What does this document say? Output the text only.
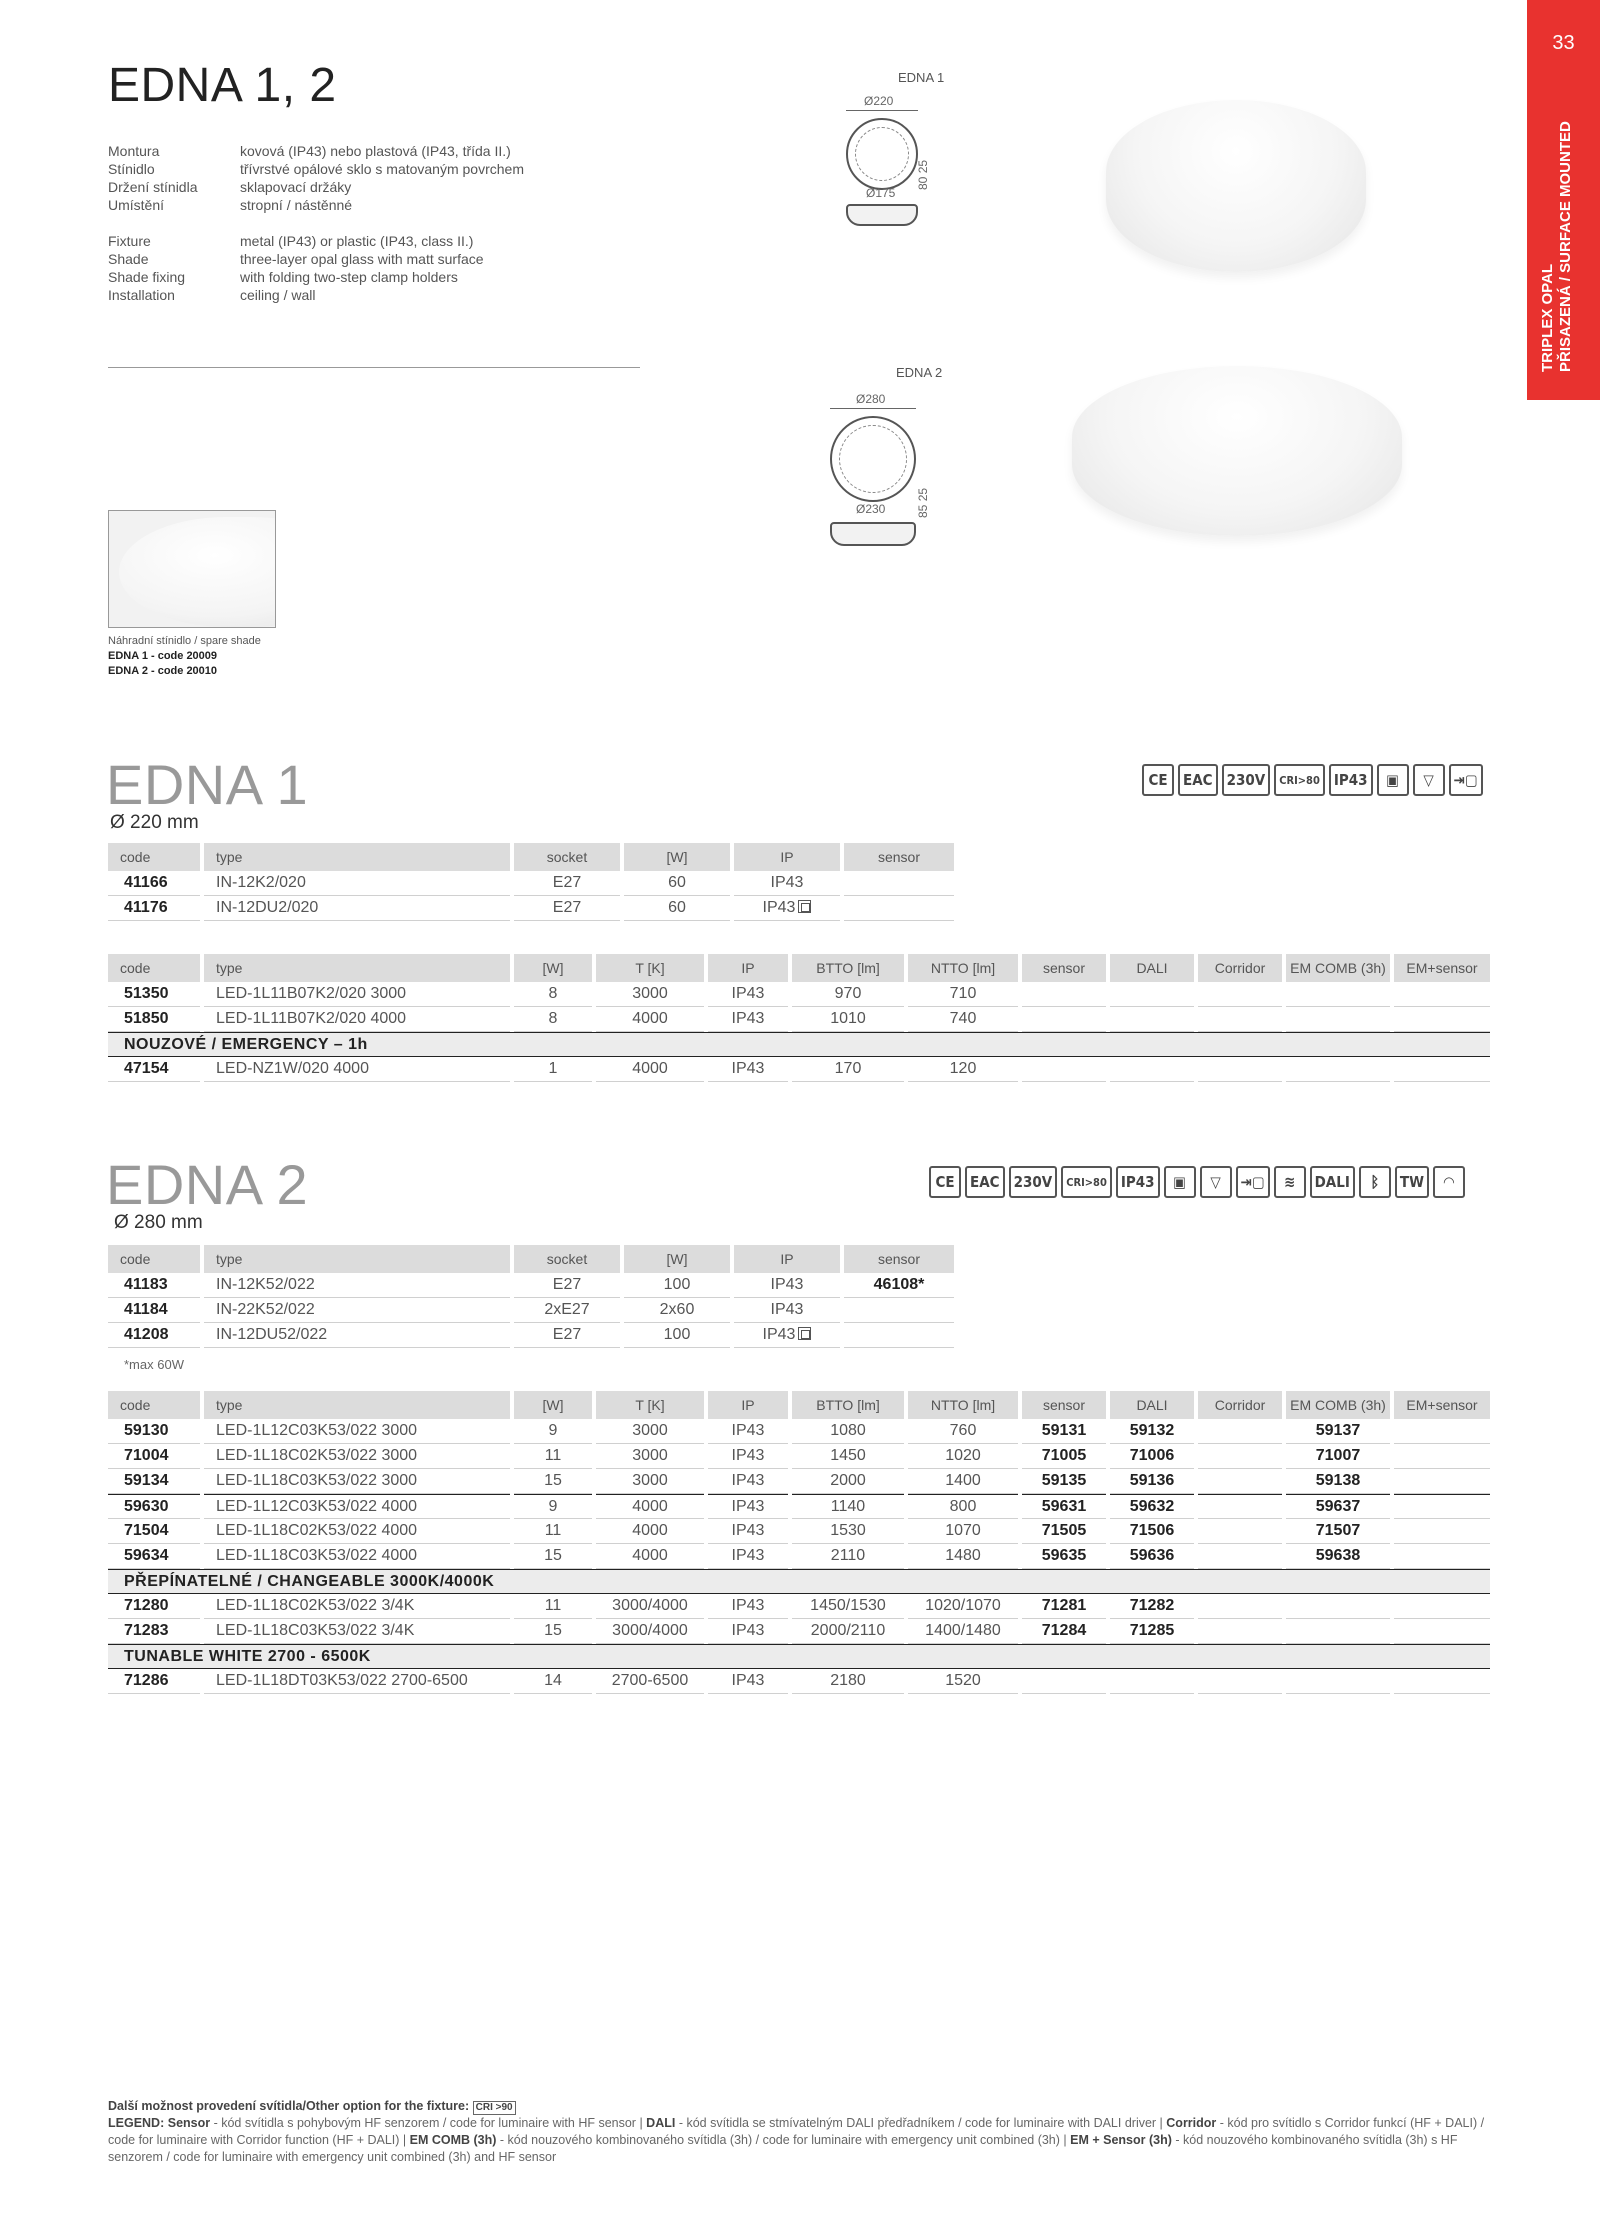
33
TRIPLEX OPAL PŘISAZENÁ / SURFACE MOUNTED
EDNA 1, 2
Montura	kovová (IP43) nebo plastová (IP43, třída II.)
Stínidlo	třívrstvé opálové sklo s matovaným povrchem
Držení stínidla	sklapovací držáky
Umístění	stropní / nástěnné
Fixture	metal (IP43) or plastic (IP43, class II.)
Shade	three-layer opal glass with matt surface
Shade fixing	with folding two-step clamp holders
Installation	ceiling / wall
EDNA 1
Ø220
Ø175
80 25
EDNA 2
Ø280
Ø230	85 25
Náhradní stínidlo / spare shade
EDNA 1 - code 20009
EDNA 2 - code 20010
EDNA 1
Ø 220 mm
CE	EAC 230V	CRI>80 IP43	▣	▽	⇥▢
code	type	socket	[W]	IP	sensor
41166	IN-12K2/020	E27	60	IP43	
41176	IN-12DU2/020	E27	60	IP43	
code	type	[W]	T [K]	IP	BTTO [lm]	NTTO [lm]	sensor	DALI	Corridor	EM COMB (3h)	EM+sensor
51350	LED-1L11B07K2/020 3000	8	3000	IP43	970	710					
51850	LED-1L11B07K2/020 4000	8	4000	IP43	1010	740					
NOUZOVÉ / EMERGENCY – 1h											
47154	LED-NZ1W/020 4000	1	4000	IP43	170	120					
EDNA 2
Ø 280 mm
CE	EAC 230V	CRI>80 IP43	▣	▽	⇥▢	≋	DALI	ᛒ	TW	◠
code	type	socket	[W]	IP	sensor
41183	IN-12K52/022	E27	100	IP43	46108*
41184	IN-22K52/022	2xE27	2x60	IP43	
41208	IN-12DU52/022	E27	100	IP43	
*max 60W
code	type	[W]	T [K]	IP	BTTO [lm]	NTTO [lm]	sensor	DALI	Corridor	EM COMB (3h)	EM+sensor
59130	LED-1L12C03K53/022 3000	9	3000	IP43	1080	760	59131	59132		59137	
71004	LED-1L18C02K53/022 3000	11	3000	IP43	1450	1020	71005	71006		71007	
59134	LED-1L18C03K53/022 3000	15	3000	IP43	2000	1400	59135	59136		59138	
59630	LED-1L12C03K53/022 4000	9	4000	IP43	1140	800	59631	59632		59637	
71504	LED-1L18C02K53/022 4000	11	4000	IP43	1530	1070	71505	71506		71507	
59634	LED-1L18C03K53/022 4000	15	4000	IP43	2110	1480	59635	59636		59638	
PŘEPÍNATELNÉ / CHANGEABLE 3000K/4000K											
71280	LED-1L18C02K53/022 3/4K	11	3000/4000	IP43	1450/1530	1020/1070	71281	71282			
71283	LED-1L18C03K53/022 3/4K	15	3000/4000	IP43	2000/2110	1400/1480	71284	71285			
TUNABLE WHITE 2700 - 6500K											
71286	LED-1L18DT03K53/022 2700-6500	14	2700-6500	IP43	2180	1520					
Další možnost provedení svítidla/Other option for the fixture: CRI >90
LEGEND: Sensor - kód svítidla s pohybovým HF senzorem / code for luminaire with HF sensor | DALI - kód svítidla se stmívatelným DALI předřadníkem / code for luminaire with DALI driver | Corridor - kód pro svítidlo s Corridor funkcí (HF + DALI) / code for luminaire with Corridor function (HF + DALI) | EM COMB (3h) - kód nouzového kombinovaného svítidla (3h) / code for luminaire with emergency unit combined (3h) | EM + Sensor (3h) - kód nouzového kombinovaného svítidla (3h) s HF senzorem / code for luminaire with emergency unit combined (3h) and HF sensor
